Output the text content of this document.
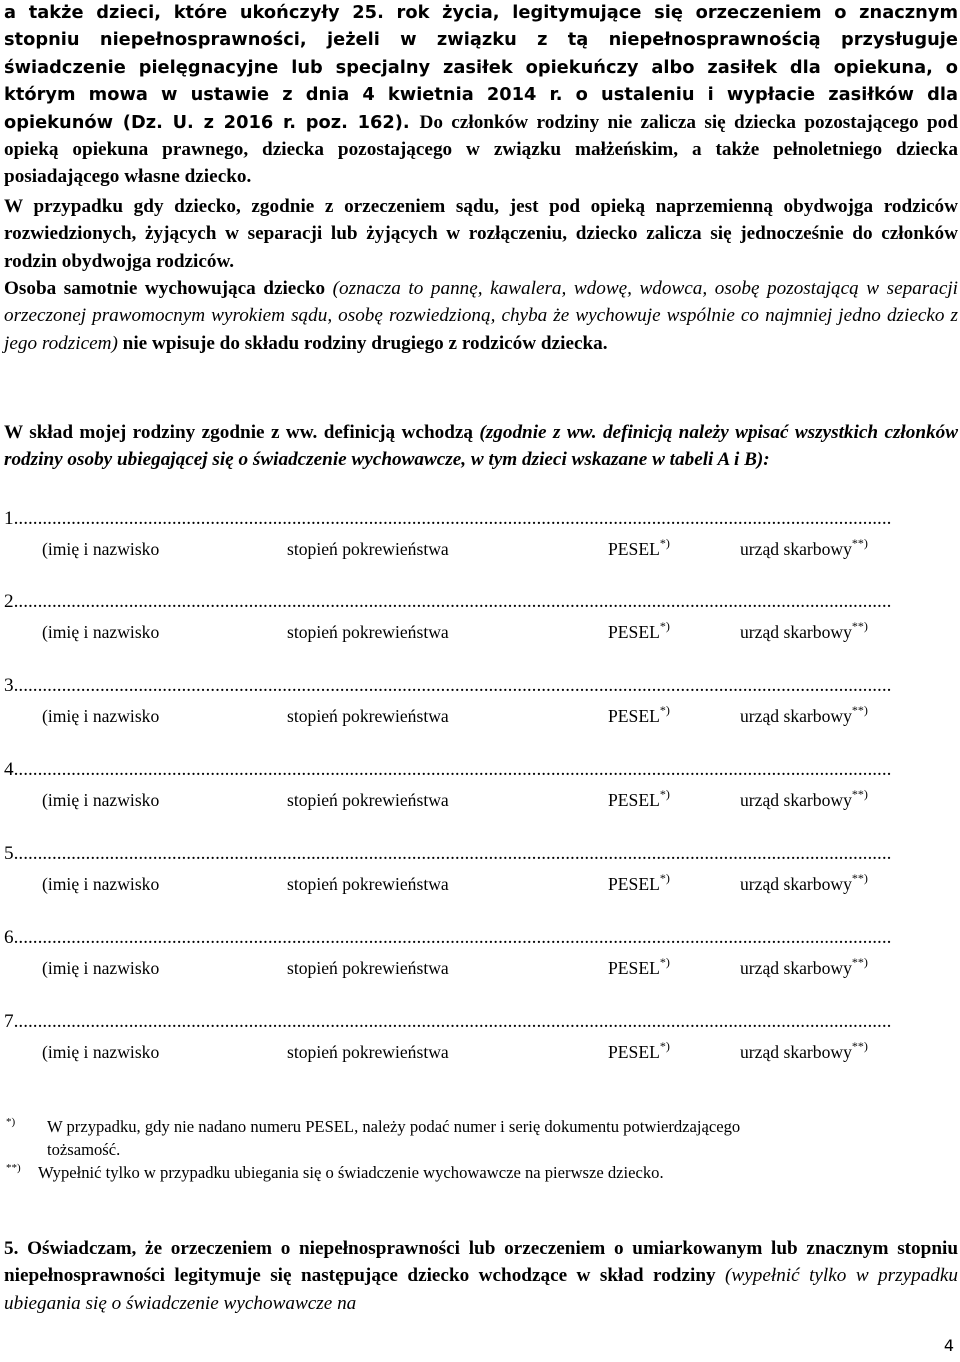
a także dzieci, które ukończyły 25. rok życia, legitymujące się orzeczeniem o znacznym stopniu niepełnosprawności, jeżeli w związku z tą niepełnosprawnością przysługuje świadczenie pielęgnacyjne lub specjalny zasiłek opiekuńczy albo zasiłek dla opiekuna, o którym mowa w ustawie z dnia 4 kwietnia 2014 r. o ustaleniu i wypłacie zasiłków dla opiekunów (Dz. U. z 2016 r. poz. 162). Do członków rodziny nie zalicza się dziecka pozostającego pod opieką opiekuna prawnego, dziecka pozostającego w związku małżeńskim, a także pełnoletniego dziecka posiadającego własne dziecko.
W przypadku gdy dziecko, zgodnie z orzeczeniem sądu, jest pod opieką naprzemienną obydwojga rodziców rozwiedzionych, żyjących w separacji lub żyjących w rozłączeniu, dziecko zalicza się jednocześnie do członków rodzin obydwojga rodziców.
Osoba samotnie wychowująca dziecko (oznacza to pannę, kawalera, wdowę, wdowca, osobę pozostającą w separacji orzeczonej prawomocnym wyrokiem sądu, osobę rozwiedzioną, chyba że wychowuje wspólnie co najmniej jedno dziecko z jego rodzicem) nie wpisuje do składu rodziny drugiego z rodziców dziecka.
W skład mojej rodziny zgodnie z ww. definicją wchodzą (zgodnie z ww. definicją należy wpisać wszystkich członków rodziny osoby ubiegającej się o świadczenie wychowawcze, w tym dzieci wskazane w tabeli A i B):
1.......................................................................................................................................................................................
(imię i nazwisko	stopień pokrewieństwa	PESEL*)	urząd skarbowy**)
2.......................................................................................................................................................................................
(imię i nazwisko	stopień pokrewieństwa	PESEL*)	urząd skarbowy**)
3.......................................................................................................................................................................................
(imię i nazwisko	stopień pokrewieństwa	PESEL*)	urząd skarbowy**)
4.......................................................................................................................................................................................
(imię i nazwisko	stopień pokrewieństwa	PESEL*)	urząd skarbowy**)
5.......................................................................................................................................................................................
(imię i nazwisko	stopień pokrewieństwa	PESEL*)	urząd skarbowy**)
6.......................................................................................................................................................................................
(imię i nazwisko	stopień pokrewieństwa	PESEL*)	urząd skarbowy**)
7.......................................................................................................................................................................................
(imię i nazwisko	stopień pokrewieństwa	PESEL*)	urząd skarbowy**)
*) W przypadku, gdy nie nadano numeru PESEL, należy podać numer i serię dokumentu potwierdzającego
tożsamość.
**) Wypełnić tylko w przypadku ubiegania się o świadczenie wychowawcze na pierwsze dziecko.
5. Oświadczam, że orzeczeniem o niepełnosprawności lub orzeczeniem o umiarkowanym lub znacznym stopniu niepełnosprawności legitymuje się następujące dziecko wchodzące w skład rodziny (wypełnić tylko w przypadku ubiegania się o świadczenie wychowawcze na
4
